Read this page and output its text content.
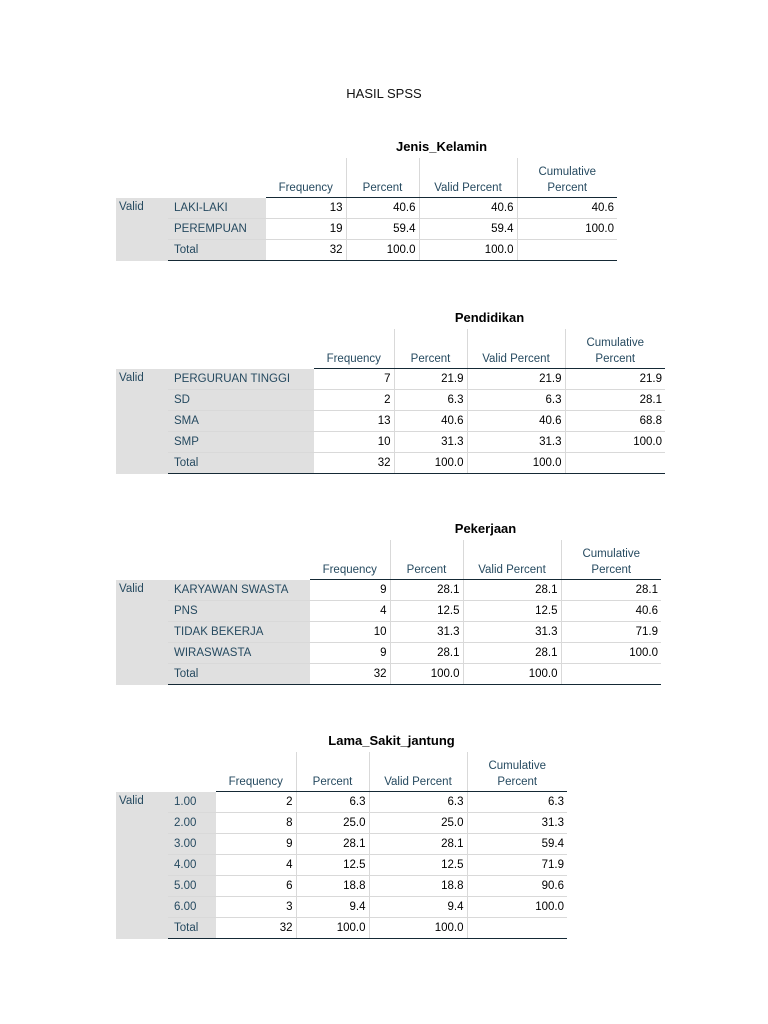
HASIL SPSS
Jenis_Kelamin
					Cumulative
		Frequency	Percent	Valid Percent	Percent
Valid	LAKI-LAKI	13	40.6	40.6	40.6
	PEREMPUAN	19	59.4	59.4	100.0
	Total	32	100.0	100.0	
Pendidikan
					Cumulative
		Frequency	Percent	Valid Percent	Percent
Valid	PERGURUAN TINGGI	7	21.9	21.9	21.9
	SD	2	6.3	6.3	28.1
	SMA	13	40.6	40.6	68.8
	SMP	10	31.3	31.3	100.0
	Total	32	100.0	100.0	
Pekerjaan
					Cumulative
		Frequency	Percent	Valid Percent	Percent
Valid	KARYAWAN SWASTA	9	28.1	28.1	28.1
	PNS	4	12.5	12.5	40.6
	TIDAK BEKERJA	10	31.3	31.3	71.9
	WIRASWASTA	9	28.1	28.1	100.0
	Total	32	100.0	100.0	
Lama_Sakit_jantung
					Cumulative
		Frequency	Percent	Valid Percent	Percent
Valid	1.00	2	6.3	6.3	6.3
	2.00	8	25.0	25.0	31.3
	3.00	9	28.1	28.1	59.4
	4.00	4	12.5	12.5	71.9
	5.00	6	18.8	18.8	90.6
	6.00	3	9.4	9.4	100.0
	Total	32	100.0	100.0	
